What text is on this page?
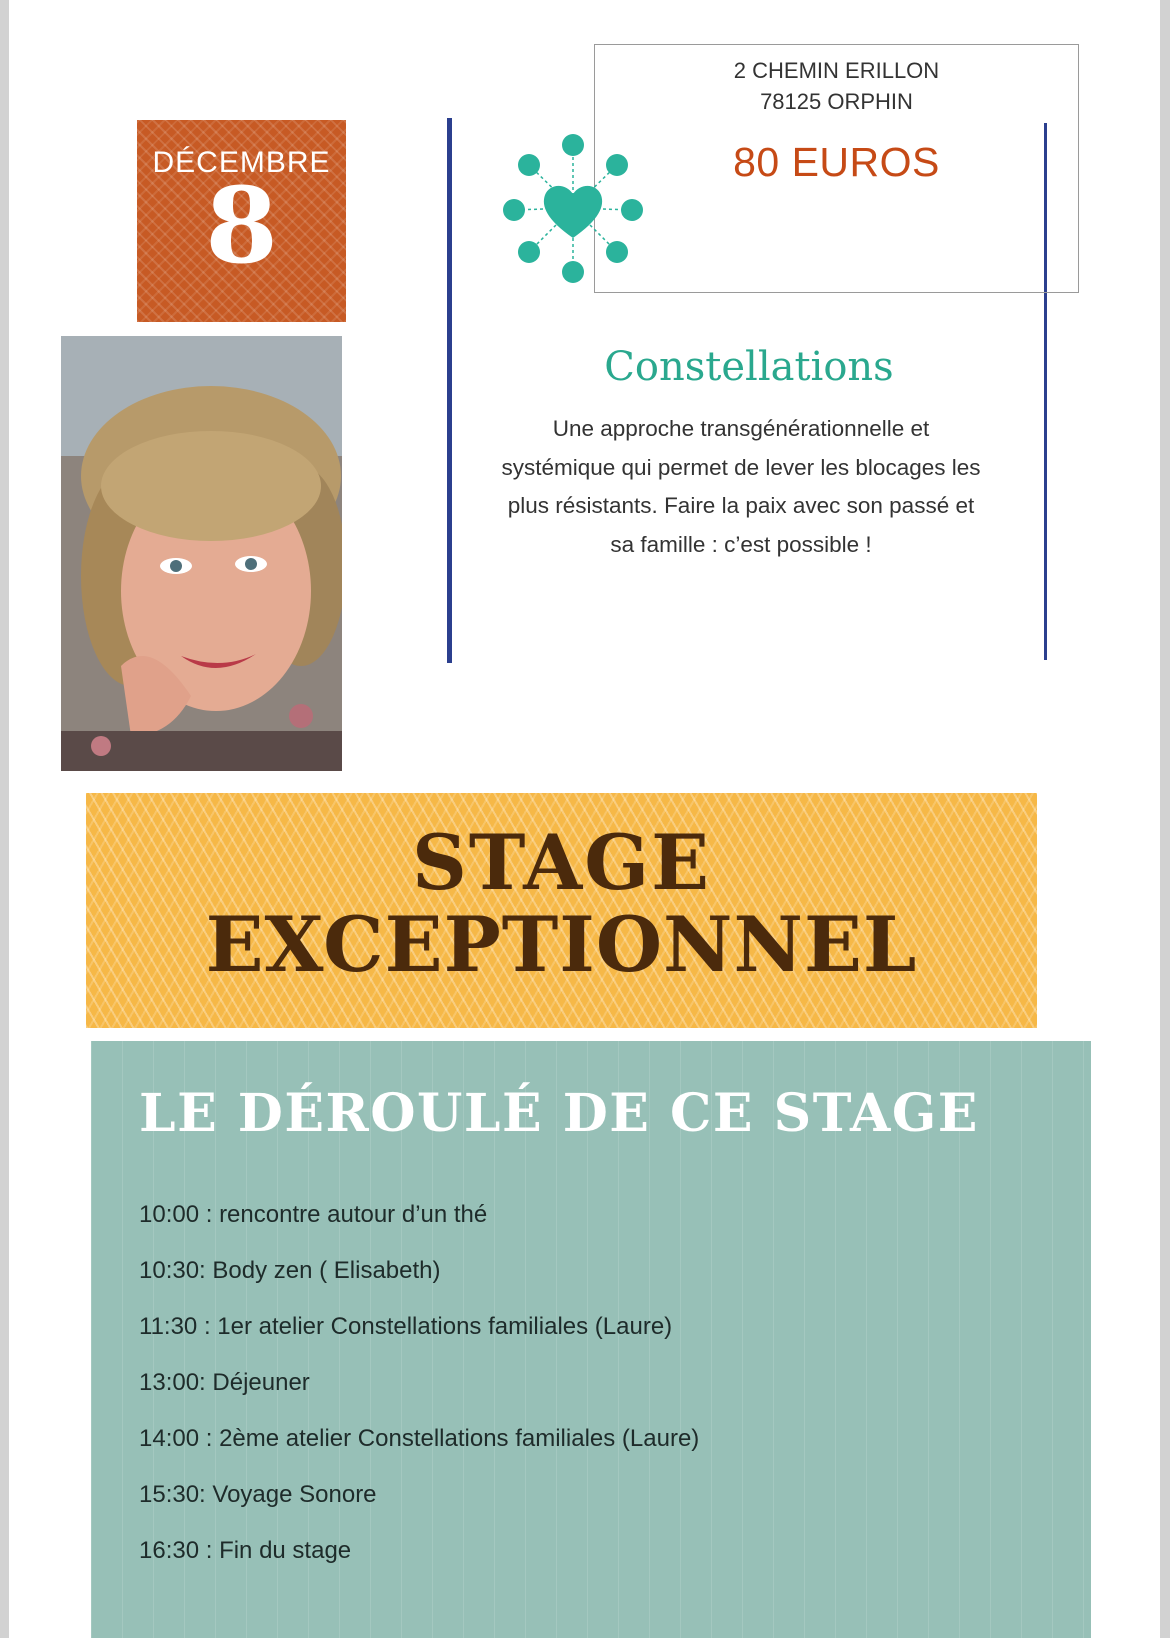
DÉCEMBRE
8
2 CHEMIN ERILLON
78125 ORPHIN
80 EUROS
Constellations
Une approche transgénérationnelle et systémique qui permet de lever les blocages les plus résistants. Faire la paix avec son passé et sa famille : c’est possible !
STAGE
EXCEPTIONNEL
LE DÉROULÉ DE CE STAGE
10:00 : rencontre autour d’un thé
10:30: Body zen ( Elisabeth)
11:30 : 1er atelier Constellations familiales (Laure)
13:00: Déjeuner
14:00 : 2ème atelier Constellations familiales (Laure)
15:30: Voyage Sonore
16:30 : Fin du stage
